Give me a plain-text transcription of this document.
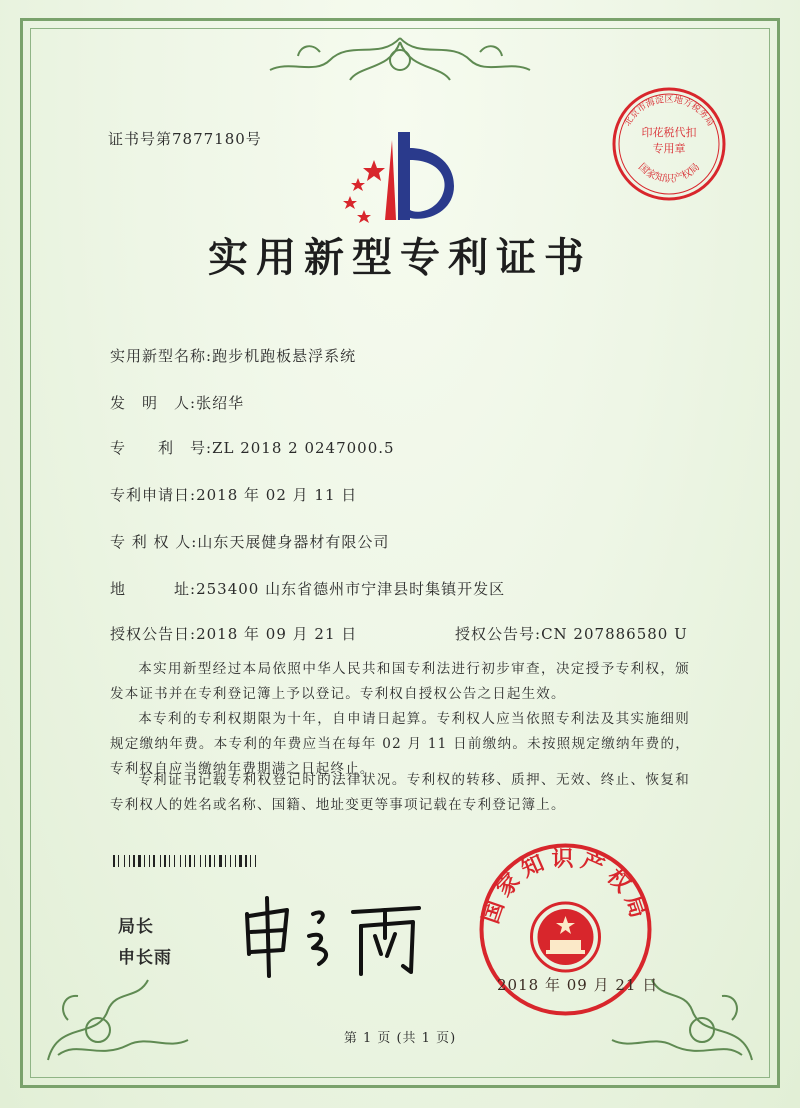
证书号第7877180号
北京市海淀区地方税务局
国家知识产权局
印花税代扣专用章
实用新型专利证书
实用新型名称:跑步机跑板悬浮系统
发　明　人:张绍华
专　　利　号:ZL 2018 2 0247000.5
专利申请日:2018 年 02 月 11 日
专 利 权 人:山东天展健身器材有限公司
地　　　址:253400 山东省德州市宁津县时集镇开发区
授权公告日:2018 年 09 月 21 日	授权公告号:CN 207886580 U
本实用新型经过本局依照中华人民共和国专利法进行初步审查，决定授予专利权，颁发本证书并在专利登记簿上予以登记。专利权自授权公告之日起生效。
本专利的专利权期限为十年，自申请日起算。专利权人应当依照专利法及其实施细则规定缴纳年费。本专利的年费应当在每年 02 月 11 日前缴纳。未按照规定缴纳年费的，专利权自应当缴纳年费期满之日起终止。
专利证书记载专利权登记时的法律状况。专利权的转移、质押、无效、终止、恢复和专利权人的姓名或名称、国籍、地址变更等事项记载在专利登记簿上。
局长
申长雨
国家知识产权局
2018 年 09 月 21 日
第 1 页 (共 1 页)
